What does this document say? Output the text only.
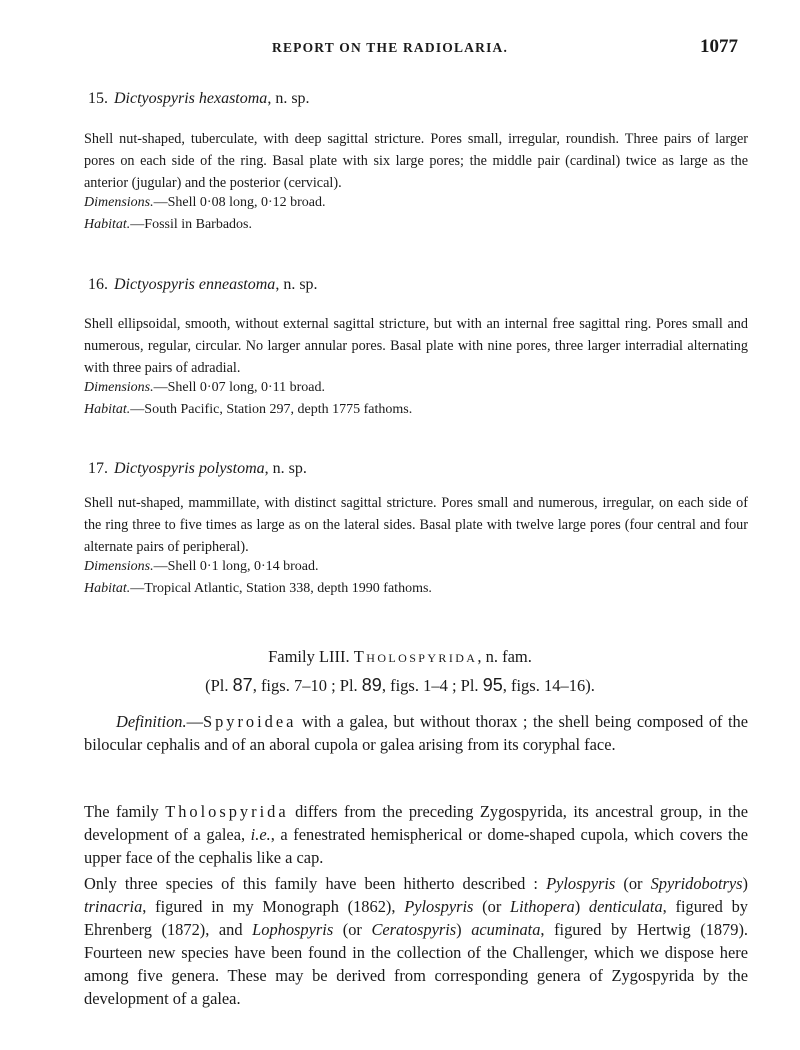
REPORT ON THE RADIOLARIA.	1077
15. Dictyospyris hexastoma, n. sp.

Shell nut-shaped, tuberculate, with deep sagittal stricture. Pores small, irregular, roundish. Three pairs of larger pores on each side of the ring. Basal plate with six large pores; the middle pair (cardinal) twice as large as the anterior (jugular) and the posterior (cervical).

Dimensions.—Shell 0·08 long, 0·12 broad.
Habitat.—Fossil in Barbados.
16. Dictyospyris enneastoma, n. sp.

Shell ellipsoidal, smooth, without external sagittal stricture, but with an internal free sagittal ring. Pores small and numerous, regular, circular. No larger annular pores. Basal plate with nine pores, three larger interradial alternating with three pairs of adradial.

Dimensions.—Shell 0·07 long, 0·11 broad.
Habitat.—South Pacific, Station 297, depth 1775 fathoms.
17. Dictyospyris polystoma, n. sp.

Shell nut-shaped, mammillate, with distinct sagittal stricture. Pores small and numerous, irregular, on each side of the ring three to five times as large as on the lateral sides. Basal plate with twelve large pores (four central and four alternate pairs of peripheral).

Dimensions.—Shell 0·1 long, 0·14 broad.
Habitat.—Tropical Atlantic, Station 338, depth 1990 fathoms.
Family LIII. Tholospyrida, n. fam.
(Pl. 87, figs. 7–10 ; Pl. 89, figs. 1–4 ; Pl. 95, figs. 14–16).

Definition.—Spyroidea with a galea, but without thorax ; the shell being composed of the bilocular cephalis and of an aboral cupola or galea arising from its coryphal face.

The family Tholospyrida differs from the preceding Zygospyrida, its ancestral group, in the development of a galea, i.e., a fenestrated hemispherical or dome-shaped cupola, which covers the upper face of the cephalis like a cap.

Only three species of this family have been hitherto described : Pylospyris (or Spyridobotrys) trinacria, figured in my Monograph (1862), Pylospyris (or Lithopera) denticulata, figured by Ehrenberg (1872), and Lophospyris (or Ceratospyris) acuminata, figured by Hertwig (1879). Fourteen new species have been found in the collection of the Challenger, which we dispose here among five genera. These may be derived from corresponding genera of Zygospyrida by the development of a galea.
